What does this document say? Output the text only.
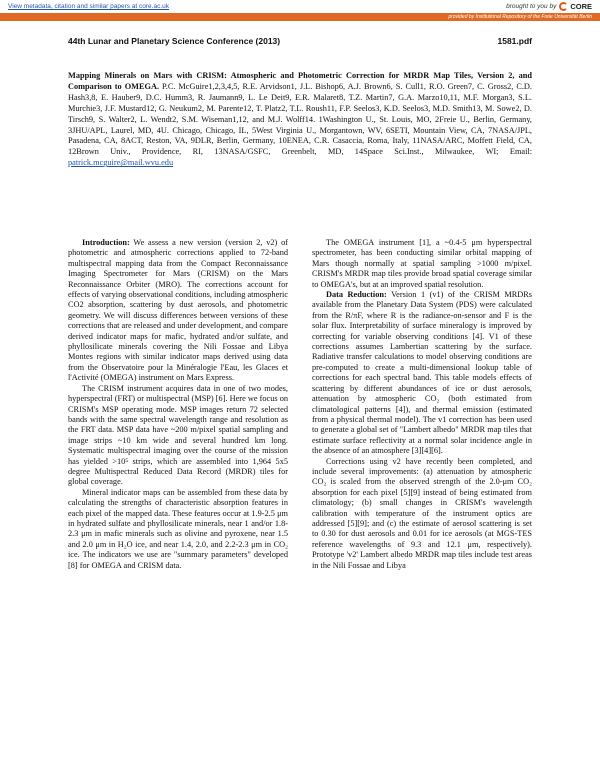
View metadata, citation and similar papers at core.ac.uk	brought to you by CORE
provided by Institutional Repository of the Freie Universität Berlin
44th Lunar and Planetary Science Conference (2013)	1581.pdf
Mapping Minerals on Mars with CRISM: Atmospheric and Photometric Correction for MRDR Map Tiles, Version 2, and Comparison to OMEGA. P.C. McGuire1,2,3,4,5, R.E. Arvidson1, J.L. Bishop6, A.J. Brown6, S. Cull1, R.O. Green7, C. Gross2, C.D. Hash3,8, E. Hauber9, D.C. Humm3, R. Jaumann9, L. Le Deit9, E.R. Malaret8, T.Z. Martin7, G.A. Marzo10,11, M.F. Morgan3, S.L. Murchie3, J.F. Mustard12, G. Neukum2, M. Parente12, T. Platz2, T.L. Roush11, F.P. Seelos3, K.D. Seelos3, M.D. Smith13, M. Sowe2, D. Tirsch9, S. Walter2, L. Wendt2, S.M. Wiseman1,12, and M.J. Wolff14. 1Washington U., St. Louis, MO, 2Freie U., Berlin, Germany, 3JHU/APL, Laurel, MD, 4U. Chicago, Chicago, IL, 5West Virginia U., Morgantown, WV, 6SETI, Mountain View, CA, 7NASA/JPL, Pasadena, CA, 8ACT, Reston, VA, 9DLR, Berlin, Germany, 10ENEA, C.R. Casaccia, Roma, Italy, 11NASA/ARC, Moffett Field, CA, 12Brown Univ., Providence, RI, 13NASA/GSFC, Greenbelt, MD, 14Space Sci.Inst., Milwaukee, WI; Email: patrick.mcguire@mail.wvu.edu

Introduction: We assess a new version (version 2, v2) of photometric and atmospheric corrections applied to 72-band multispectral mapping data from the Compact Reconnaissance Imaging Spectrometer for Mars (CRISM) on the Mars Reconnaissance Orbiter (MRO). The corrections account for effects of varying observational conditions, including atmospheric CO2 absorption, scattering by dust aerosols, and photometric geometry. We will discuss differences between versions of these corrections that are released and under development, and compare derived indicator maps for mafic, hydrated and/or sulfate, and phyllosilicate minerals covering the Nili Fossae and Libya Montes regions with similar indicator maps derived using data from the Observatoire pour la Minéralogie l'Eau, les Glaces et l'Activité (OMEGA) instrument on Mars Express.

The CRISM instrument acquires data in one of two modes, hyperspectral (FRT) or multispectral (MSP) [6]. Here we focus on CRISM's MSP operating mode. MSP images return 72 selected bands with the same spectral wavelength range and resolution as the FRT data. MSP data have ~200 m/pixel spatial sampling and image strips ~10 km wide and several hundred km long. Systematic multispectral imaging over the course of the mission has yielded >10⁵ strips, which are assembled into 1,964 5x5 degree Multispectral Reduced Data Record (MRDR) tiles for global coverage.

Mineral indicator maps can be assembled from these data by calculating the strengths of characteristic absorption features in each pixel of the mapped data. These features occur at 1.9-2.5 μm in hydrated sulfate and phyllosilicate minerals, near 1 and/or 1.8-2.3 μm in mafic minerals such as olivine and pyroxene, near 1.5 and 2.0 μm in H₂O ice, and near 1.4, 2.0, and 2.2-2.3 μm in CO₂ ice. The indicators we use are "summary parameters" developed [8] for OMEGA and CRISM data.

The OMEGA instrument [1], a ~0.4-5 μm hyperspectral spectrometer, has been conducting similar orbital mapping of Mars though normally at spatial sampling >1000 m/pixel. CRISM's MRDR map tiles provide broad spatial coverage similar to OMEGA's, but at an improved spatial resolution.

Data Reduction: Version 1 (v1) of the CRISM MRDRs available from the Planetary Data System (PDS) were calculated from the R/πF, where R is the radiance-on-sensor and F is the solar flux. Interpretability of surface mineralogy is improved by correcting for variable observing conditions [4]. V1 of these corrections assumes Lambertian scattering by the surface. Radiative transfer calculations to model observing conditions are pre-computed to create a multi-dimensional lookup table of corrections for each spectral band. This table models effects of scattering by different abundances of ice or dust aerosols, attenuation by atmospheric CO₂ (both estimated from climatological patterns [4]), and thermal emission (estimated from a physical thermal model). The v1 correction has been used to generate a global set of "Lambert albedo" MRDR map tiles that estimate surface reflectivity at a normal solar incidence angle in the absence of an atmosphere [3][4][6].

Corrections using v2 have recently been completed, and include several improvements: (a) attenuation by atmospheric CO₂ is scaled from the observed strength of the 2.0-μm CO₂ absorption for each pixel [5][9] instead of being estimated from climatology; (b) small changes in CRISM's wavelength calibration with temperature of the instrument optics are addressed [5][9]; and (c) the estimate of aerosol scattering is set to 0.30 for dust aerosols and 0.01 for ice aerosols (at MGS-TES reference wavelengths of 9.3 and 12.1 μm, respectively). Prototype 'v2' Lambert albedo MRDR map tiles include test areas in the Nili Fossae and Libya
